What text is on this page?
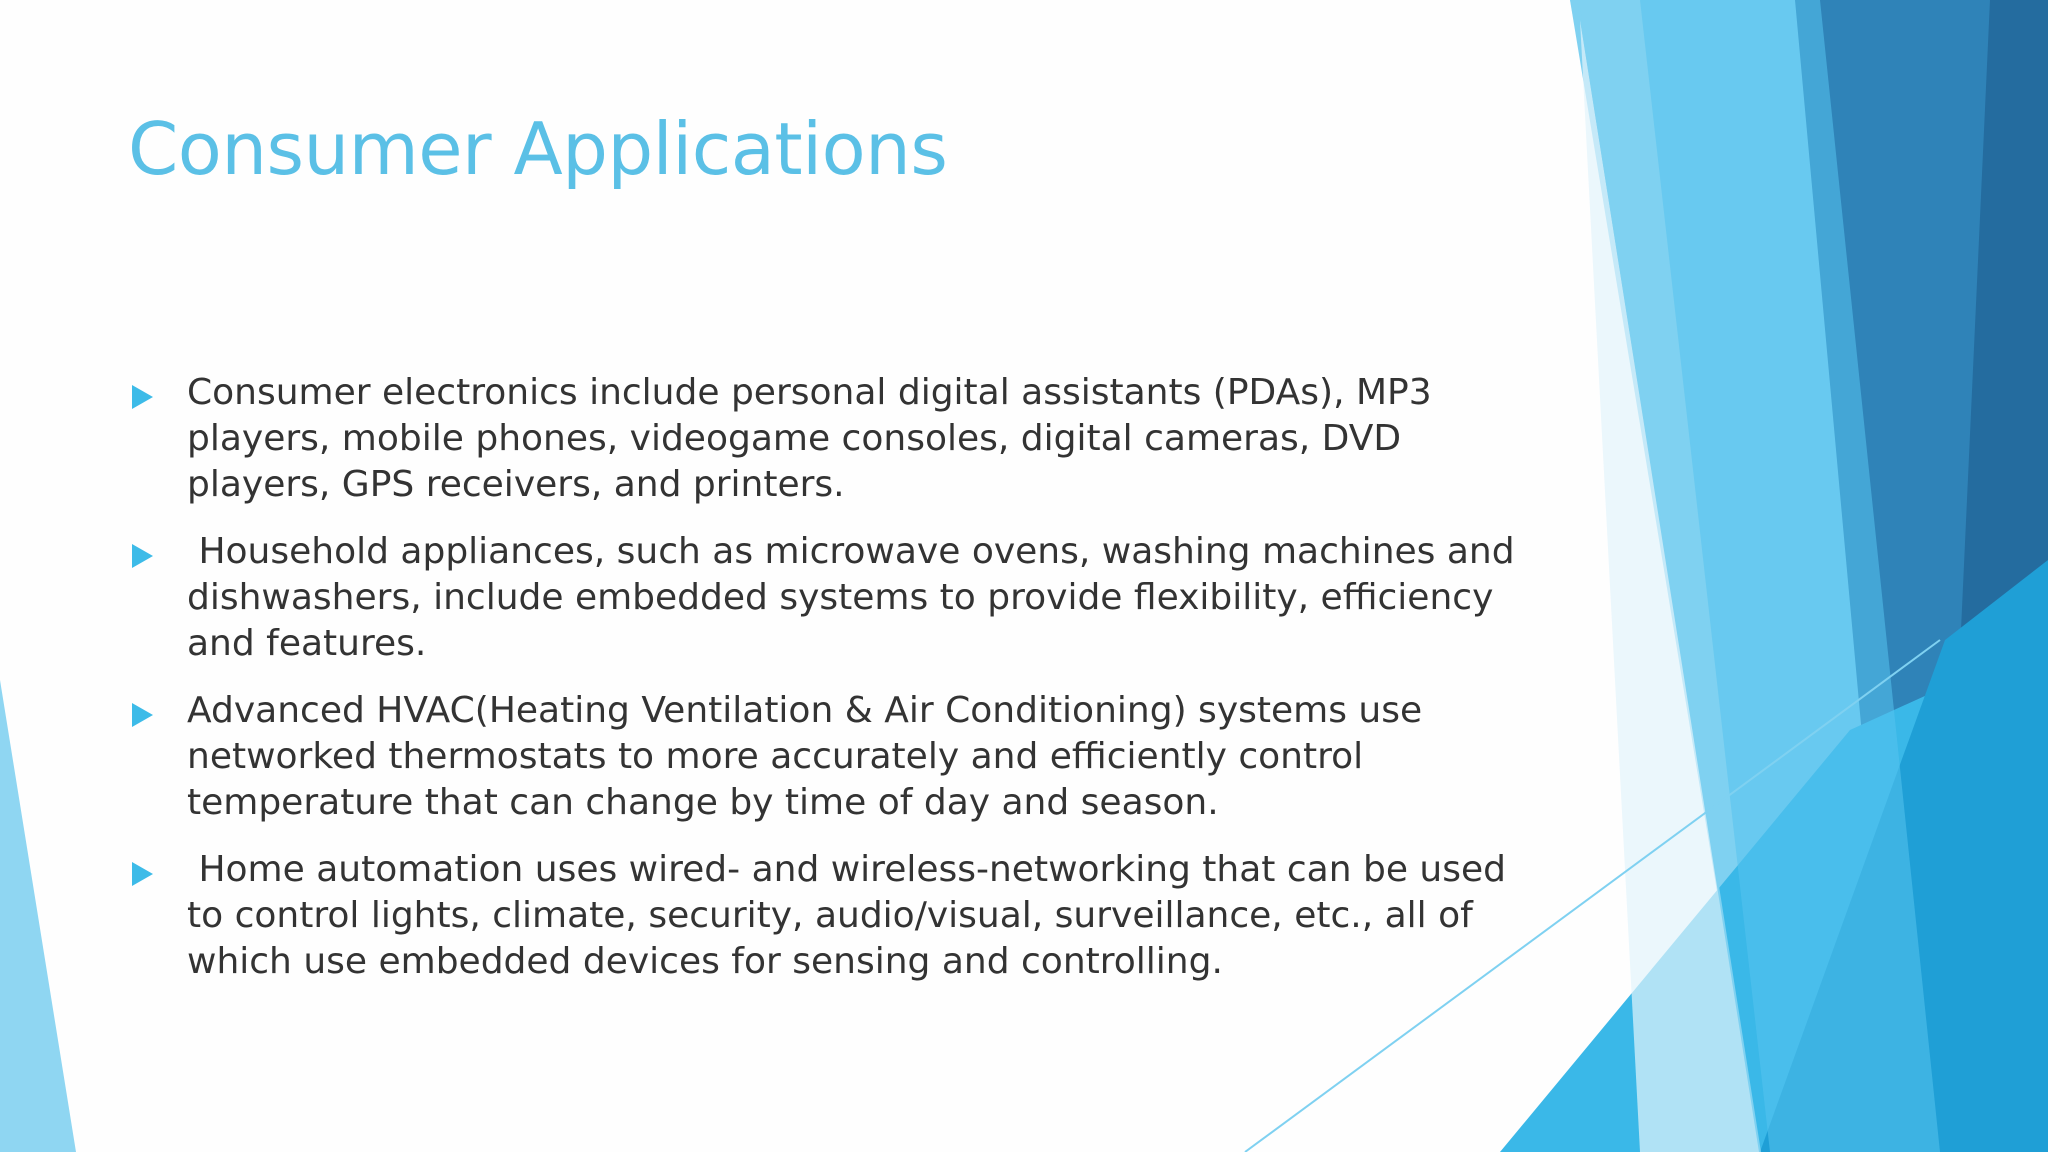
Consumer Applications
Consumer electronics include personal digital assistants (PDAs), MP3 players, mobile phones, videogame consoles, digital cameras, DVD players, GPS receivers, and printers.
Household appliances, such as microwave ovens, washing machines and dishwashers, include embedded systems to provide flexibility, efficiency and features.
Advanced HVAC(Heating Ventilation & Air Conditioning) systems use networked thermostats to more accurately and efficiently control temperature that can change by time of day and season.
Home automation uses wired- and wireless-networking that can be used to control lights, climate, security, audio/visual, surveillance, etc., all of which use embedded devices for sensing and controlling.
